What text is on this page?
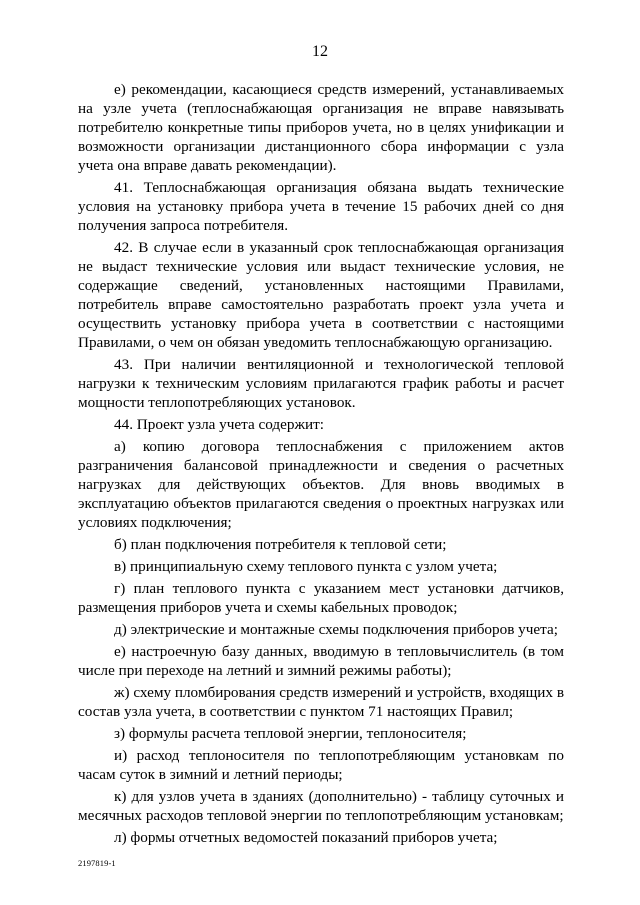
12

е) рекомендации, касающиеся средств измерений, устанавливаемых на узле учета (теплоснабжающая организация не вправе навязывать потребителю конкретные типы приборов учета, но в целях унификации и возможности организации дистанционного сбора информации с узла учета она вправе давать рекомендации).

41. Теплоснабжающая организация обязана выдать технические условия на установку прибора учета в течение 15 рабочих дней со дня получения запроса потребителя.

42. В случае если в указанный срок теплоснабжающая организация не выдаст технические условия или выдаст технические условия, не содержащие сведений, установленных настоящими Правилами, потребитель вправе самостоятельно разработать проект узла учета и осуществить установку прибора учета в соответствии с настоящими Правилами, о чем он обязан уведомить теплоснабжающую организацию.

43. При наличии вентиляционной и технологической тепловой нагрузки к техническим условиям прилагаются график работы и расчет мощности теплопотребляющих установок.

44. Проект узла учета содержит:

а) копию договора теплоснабжения с приложением актов разграничения балансовой принадлежности и сведения о расчетных нагрузках для действующих объектов. Для вновь вводимых в эксплуатацию объектов прилагаются сведения о проектных нагрузках или условиях подключения;

б) план подключения потребителя к тепловой сети;

в) принципиальную схему теплового пункта с узлом учета;

г) план теплового пункта с указанием мест установки датчиков, размещения приборов учета и схемы кабельных проводок;

д) электрические и монтажные схемы подключения приборов учета;

е) настроечную базу данных, вводимую в тепловычислитель (в том числе при переходе на летний и зимний режимы работы);

ж) схему пломбирования средств измерений и устройств, входящих в состав узла учета, в соответствии с пунктом 71 настоящих Правил;

з) формулы расчета тепловой энергии, теплоносителя;

и) расход теплоносителя по теплопотребляющим установкам по часам суток в зимний и летний периоды;

к) для узлов учета в зданиях (дополнительно) - таблицу суточных и месячных расходов тепловой энергии по теплопотребляющим установкам;

л) формы отчетных ведомостей показаний приборов учета;

2197819-1
